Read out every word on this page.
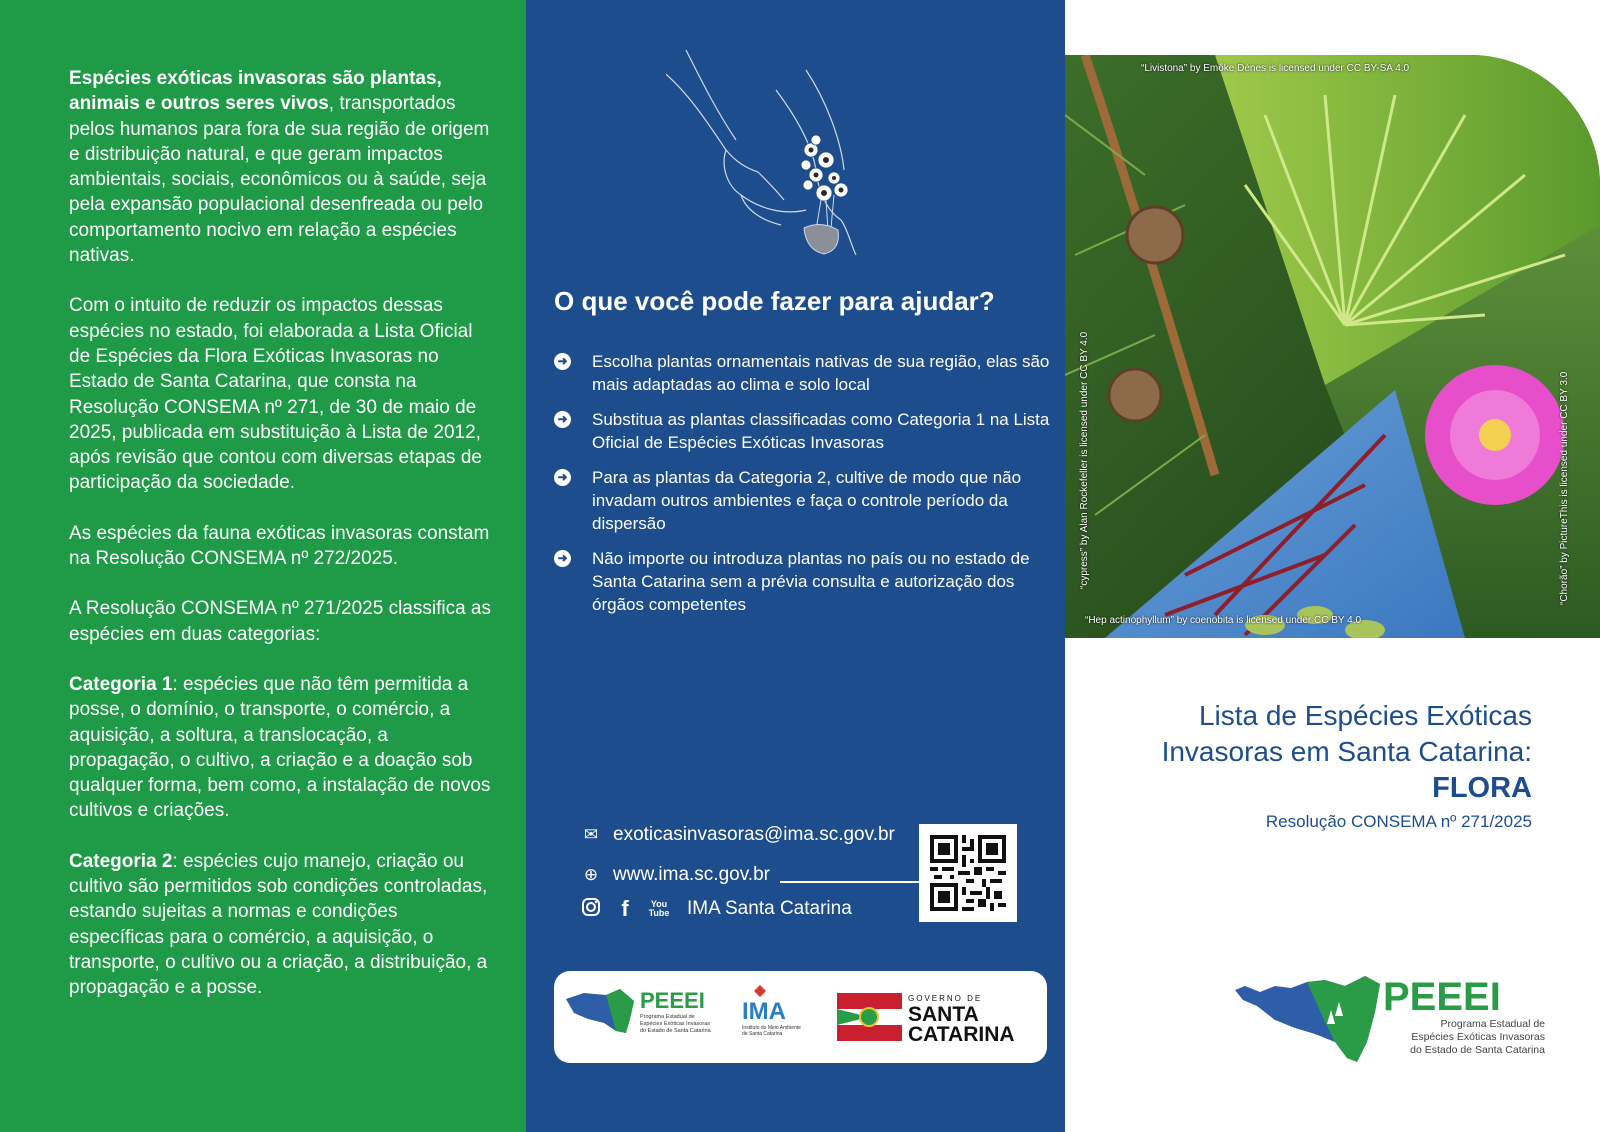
Espécies exóticas invasoras são plantas, animais e outros seres vivos, transportados pelos humanos para fora de sua região de origem e distribuição natural, e que geram impactos ambientais, sociais, econômicos ou à saúde, seja pela expansão populacional desenfreada ou pelo comportamento nocivo em relação a espécies nativas.

Com o intuito de reduzir os impactos dessas espécies no estado, foi elaborada a Lista Oficial de Espécies da Flora Exóticas Invasoras no Estado de Santa Catarina, que consta na Resolução CONSEMA nº 271, de 30 de maio de 2025, publicada em substituição à Lista de 2012, após revisão que contou com diversas etapas de participação da sociedade.

As espécies da fauna exóticas invasoras constam na Resolução CONSEMA nº 272/2025.

A Resolução CONSEMA nº 271/2025 classifica as espécies em duas categorias:

Categoria 1: espécies que não têm permitida a posse, o domínio, o transporte, o comércio, a aquisição, a soltura, a translocação, a propagação, o cultivo, a criação e a doação sob qualquer forma, bem como, a instalação de novos cultivos e criações.

Categoria 2: espécies cujo manejo, criação ou cultivo são permitidos sob condições controladas, estando sujeitas a normas e condições específicas para o comércio, a aquisição, o transporte, o cultivo ou a criação, a distribuição, a propagação e a posse.

O que você pode fazer para ajudar?
➜ Escolha plantas ornamentais nativas de sua região, elas são mais adaptadas ao clima e solo local
➜ Substitua as plantas classificadas como Categoria 1 na Lista Oficial de Espécies Exóticas Invasoras
➜ Para as plantas da Categoria 2, cultive de modo que não invadam outros ambientes e faça o controle período da dispersão
➜ Não importe ou introduza plantas no país ou no estado de Santa Catarina sem a prévia consulta e autorização dos órgãos competentes
✉ exoticasinvasoras@ima.sc.gov.br
⊕ www.ima.sc.gov.br
f	You Tube IMA Santa Catarina
PEEEI
Programa Estadual de
Espécies Exóticas Invasoras
do Estado de Santa Catarina
IMA
Instituto do Meio Ambiente
de Santa Catarina
GOVERNO DE
SANTA
CATARINA
“Livistona” by Emőke Dénes is licensed under CC BY-SA 4.0
“cypress” by Alan Rockefeller is licensed under CC BY 4.0	“Chorão” by PictureThis is licensed under CC BY 3.0
“Hep actinophyllum” by coenobita is licensed under CC BY 4.0
Lista de Espécies Exóticas
Invasoras em Santa Catarina:
FLORA
Resolução CONSEMA nº 271/2025
PEEEI
Programa Estadual de
Espécies Exóticas Invasoras
do Estado de Santa Catarina
